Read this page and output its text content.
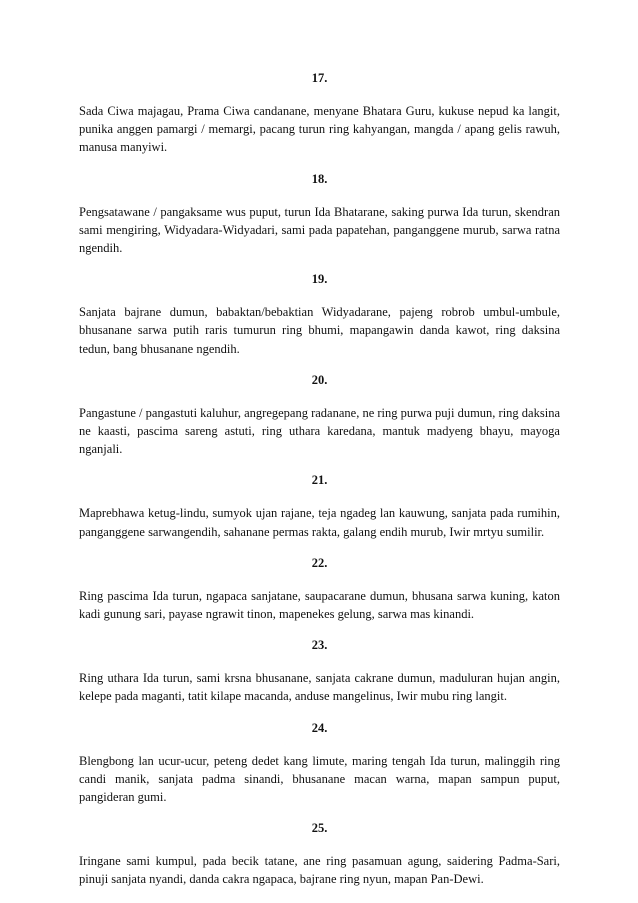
17.

Sada Ciwa majagau, Prama Ciwa candanane, menyane Bhatara Guru, kukuse nepud ka langit, punika anggen pamargi / memargi, pacang turun ring kahyangan, mangda / apang gelis rawuh, manusa manyiwi.

18.

Pengsatawane / pangaksame wus puput, turun Ida Bhatarane, saking purwa Ida turun, skendran sami mengiring, Widyadara-Widyadari, sami pada papatehan, panganggene murub, sarwa ratna ngendih.

19.

Sanjata bajrane dumun, babaktan/bebaktian Widyadarane, pajeng robrob umbul-umbule, bhusanane sarwa putih raris tumurun ring bhumi, mapangawin danda kawot, ring daksina tedun, bang bhusanane ngendih.

20.

Pangastune / pangastuti kaluhur, angregepang radanane, ne ring purwa puji dumun, ring daksina ne kaasti, pascima sareng astuti, ring uthara karedana, mantuk madyeng bhayu, mayoga nganjali.

21.

Maprebhawa ketug-lindu, sumyok ujan rajane, teja ngadeg lan kauwung, sanjata pada rumihin, panganggene sarwangendih, sahanane permas rakta, galang endih murub, Iwir mrtyu sumilir.

22.

Ring pascima Ida turun, ngapaca sanjatane, saupacarane dumun, bhusana sarwa kuning, katon kadi gunung sari, payase ngrawit tinon, mapenekes gelung, sarwa mas kinandi.

23.

Ring uthara Ida turun, sami krsna bhusanane, sanjata cakrane dumun, maduluran hujan angin, kelepe pada maganti, tatit kilape macanda, anduse mangelinus, Iwir mubu ring langit.

24.

Blengbong lan ucur-ucur, peteng dedet kang limute, maring tengah Ida turun, malinggih ring candi manik, sanjata padma sinandi, bhusanane macan warna, mapan sampun puput, pangideran gumi.

25.

Iringane sami kumpul, pada becik tatane, ane ring pasamuan agung, saidering Padma-Sari, pinuji sanjata nyandi, danda cakra ngapaca, bajrane ring nyun, mapan Pan-Dewi.
